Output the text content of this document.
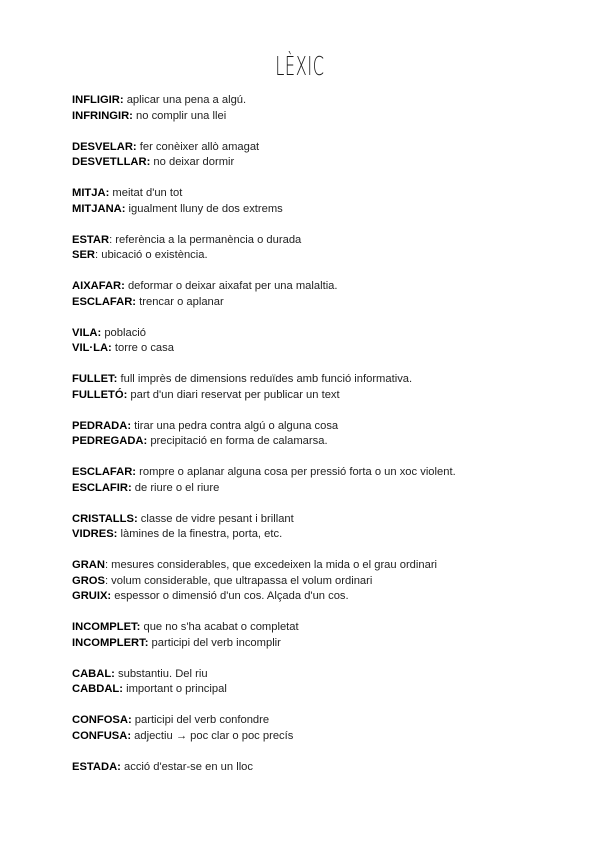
LÈXIC
INFLIGIR: aplicar una pena a algú.
INFRINGIR: no complir una llei
DESVELAR: fer conèixer allò amagat
DESVETLLAR: no deixar dormir
MITJA: meitat d'un tot
MITJANA: igualment lluny de dos extrems
ESTAR: referència a la permanència o durada
SER: ubicació o existència.
AIXAFAR: deformar o deixar aixafat per una malaltia.
ESCLAFAR: trencar o aplanar
VILA: població
VIL·LA: torre o casa
FULLET: full imprès de dimensions reduïdes amb funció informativa.
FULLETÓ: part d'un diari reservat per publicar un text
PEDRADA: tirar una pedra contra algú o alguna cosa
PEDREGADA: precipitació en forma de calamarsa.
ESCLAFAR: rompre o aplanar alguna cosa per pressió forta o un xoc violent.
ESCLAFIR: de riure o el riure
CRISTALLS: classe de vidre pesant i brillant
VIDRES: làmines de la finestra, porta, etc.
GRAN: mesures considerables, que excedeixen la mida o el grau ordinari
GROS: volum considerable, que ultrapassa el volum ordinari
GRUIX: espessor o dimensió d'un cos. Alçada d'un cos.
INCOMPLET: que no s'ha acabat o completat
INCOMPLERT: participi del verb incomplir
CABAL: substantiu. Del riu
CABDAL: important o principal
CONFOSA: participi del verb confondre
CONFUSA: adjectiu → poc clar o poc precís
ESTADA: acció d'estar-se en un lloc
